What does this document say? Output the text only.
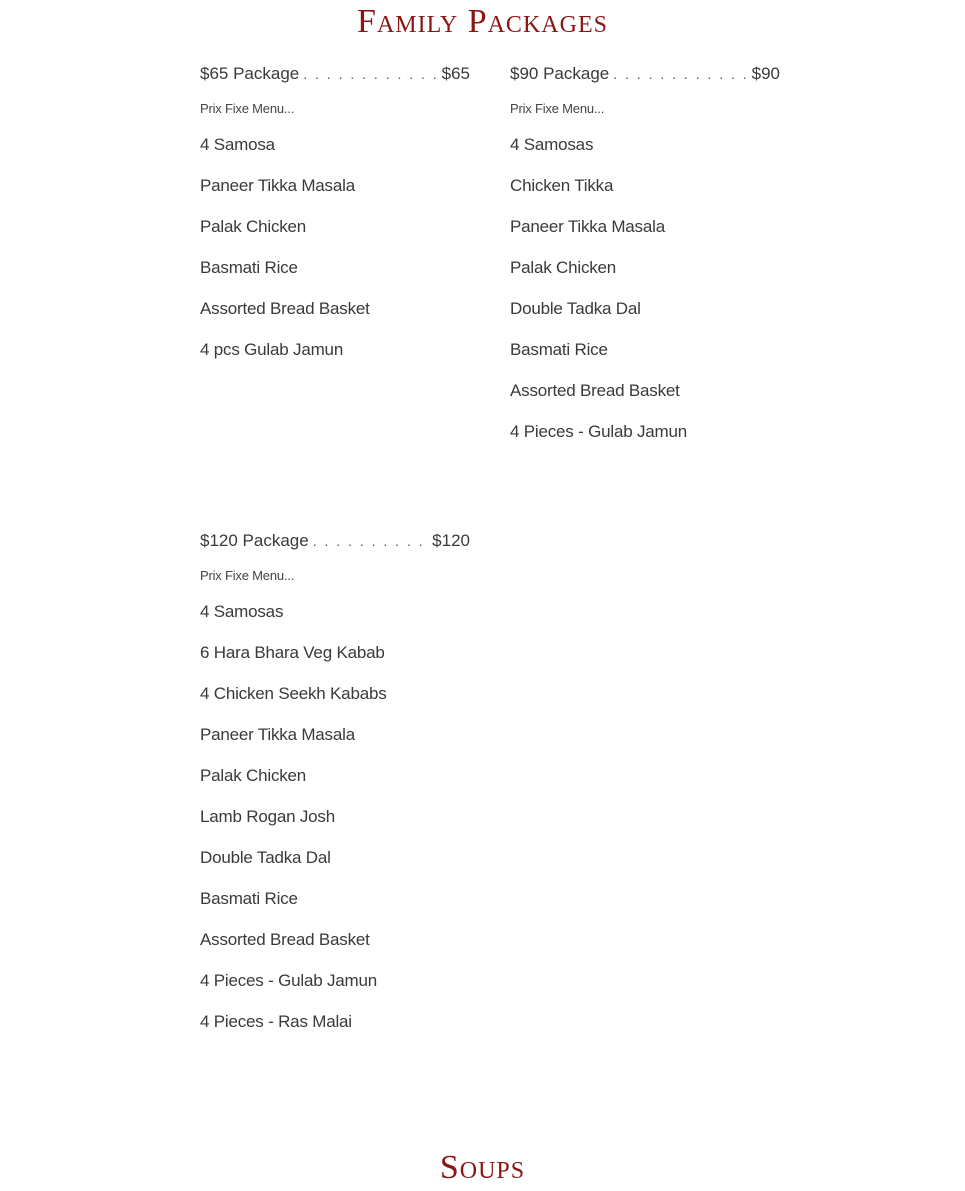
Family Packages
$65 Package . . .	$65
Prix Fixe Menu...
4 Samosa
Paneer Tikka Masala
Palak Chicken
Basmati Rice
Assorted Bread Basket
4 pcs Gulab Jamun
$90 Package . . .	$90
Prix Fixe Menu...
4 Samosas
Chicken Tikka
Paneer Tikka Masala
Palak Chicken
Double Tadka Dal
Basmati Rice
Assorted Bread Basket
4 Pieces - Gulab Jamun
$120 Package . . .	$120
Prix Fixe Menu...
4 Samosas
6 Hara Bhara Veg Kabab
4 Chicken Seekh Kababs
Paneer Tikka Masala
Palak Chicken
Lamb Rogan Josh
Double Tadka Dal
Basmati Rice
Assorted Bread Basket
4 Pieces - Gulab Jamun
4 Pieces - Ras Malai
Soups
